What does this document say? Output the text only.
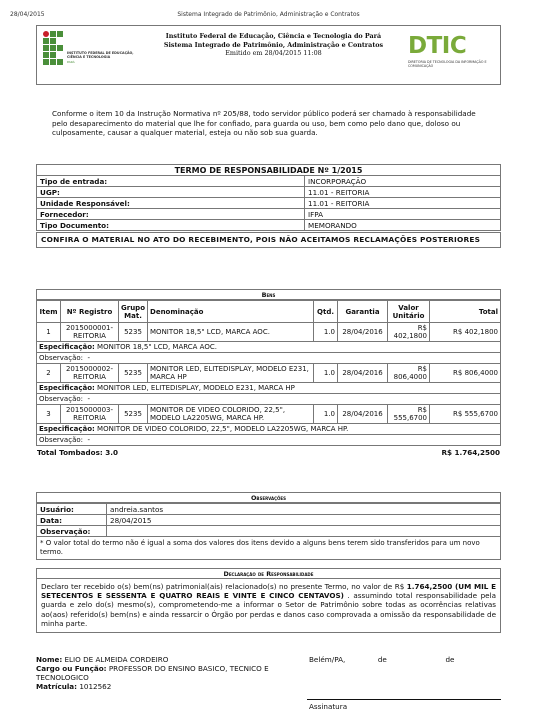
28/04/2015	Sistema Integrado de Patrimônio, Administração e Contratos
INSTITUTO FEDERAL DE EDUCAÇÃO, CIÊNCIA E TECNOLOGIA
PARÁ
Instituto Federal de Educação, Ciência e Tecnologia do Pará
Sistema Integrado de Patrimônio, Administração e Contratos
Emitido em 28/04/2015 11:08	DTIC
DIRETORIA DE TECNOLOGIA DA INFORMAÇÃO E COMUNICAÇÃO
Conforme o item 10 da Instrução Normativa nº 205/88, todo servidor público poderá ser chamado à responsabilidade pelo desaparecimento do material que lhe for confiado, para guarda ou uso, bem como pelo dano que, doloso ou culposamente, causar a qualquer material, esteja ou não sob sua guarda.
TERMO DE RESPONSABILIDADE Nº 1/2015	
Tipo de entrada:	INCORPORAÇÃO
UGP:	11.01 - REITORIA
Unidade Responsável:	11.01 - REITORIA
Fornecedor:	IFPA
Tipo Documento:	MEMORANDO
CONFIRA O MATERIAL NO ATO DO RECEBIMENTO, POIS NÃO ACEITAMOS RECLAMAÇÕES POSTERIORES
Bens
Item	Nº Registro	Grupo Mat.	Denominação	Qtd.	Garantia	Valor Unitário	Total
1	2015000001-REITORIA	5235	MONITOR 18,5" LCD, MARCA AOC.	1.0	28/04/2016	R$ 402,1800	R$ 402,1800
Especificação: MONITOR 18,5" LCD, MARCA AOC.							
Observação: -							
2	2015000002-REITORIA	5235	MONITOR LED, ELITEDISPLAY, MODELO E231, MARCA HP	1.0	28/04/2016	R$ 806,4000	R$ 806,4000
Especificação: MONITOR LED, ELITEDISPLAY, MODELO E231, MARCA HP							
Observação: -							
3	2015000003-REITORIA	5235	MONITOR DE VIDEO COLORIDO, 22,5", MODELO LA2205WG, MARCA HP.	1.0	28/04/2016	R$ 555,6700	R$ 555,6700
Especificação: MONITOR DE VIDEO COLORIDO, 22,5", MODELO LA2205WG, MARCA HP.							
Observação: -							
Total Tombados: 3.0	R$ 1.764,2500
Observações
Usuário:	andreia.santos
Data:	28/04/2015
Observação:	
* O valor total do termo não é igual a soma dos valores dos itens devido a alguns bens terem sido transferidos para um novo termo.	
Declaração de Responsabilidade
Declaro ter recebido o(s) bem(ns) patrimonial(ais) relacionado(s) no presente Termo, no valor de R$ 1.764,2500 (UM MIL E SETECENTOS E SESSENTA E QUATRO REAIS E VINTE E CINCO CENTAVOS) . assumindo total responsabilidade pela guarda e zelo do(s) mesmo(s), comprometendo-me a informar o Setor de Patrimônio sobre todas as ocorrências relativas ao(aos) referido(s) bem(ns) e ainda ressarcir o Órgão por perdas e danos caso comprovada a omissão da responsabilidade de minha parte.
Nome: ELIO DE ALMEIDA CORDEIRO
Cargo ou Função: PROFESSOR DO ENSINO BASICO, TECNICO E TECNOLOGICO
Matrícula: 1012562
Belém/PA,	de	de
Assinatura
